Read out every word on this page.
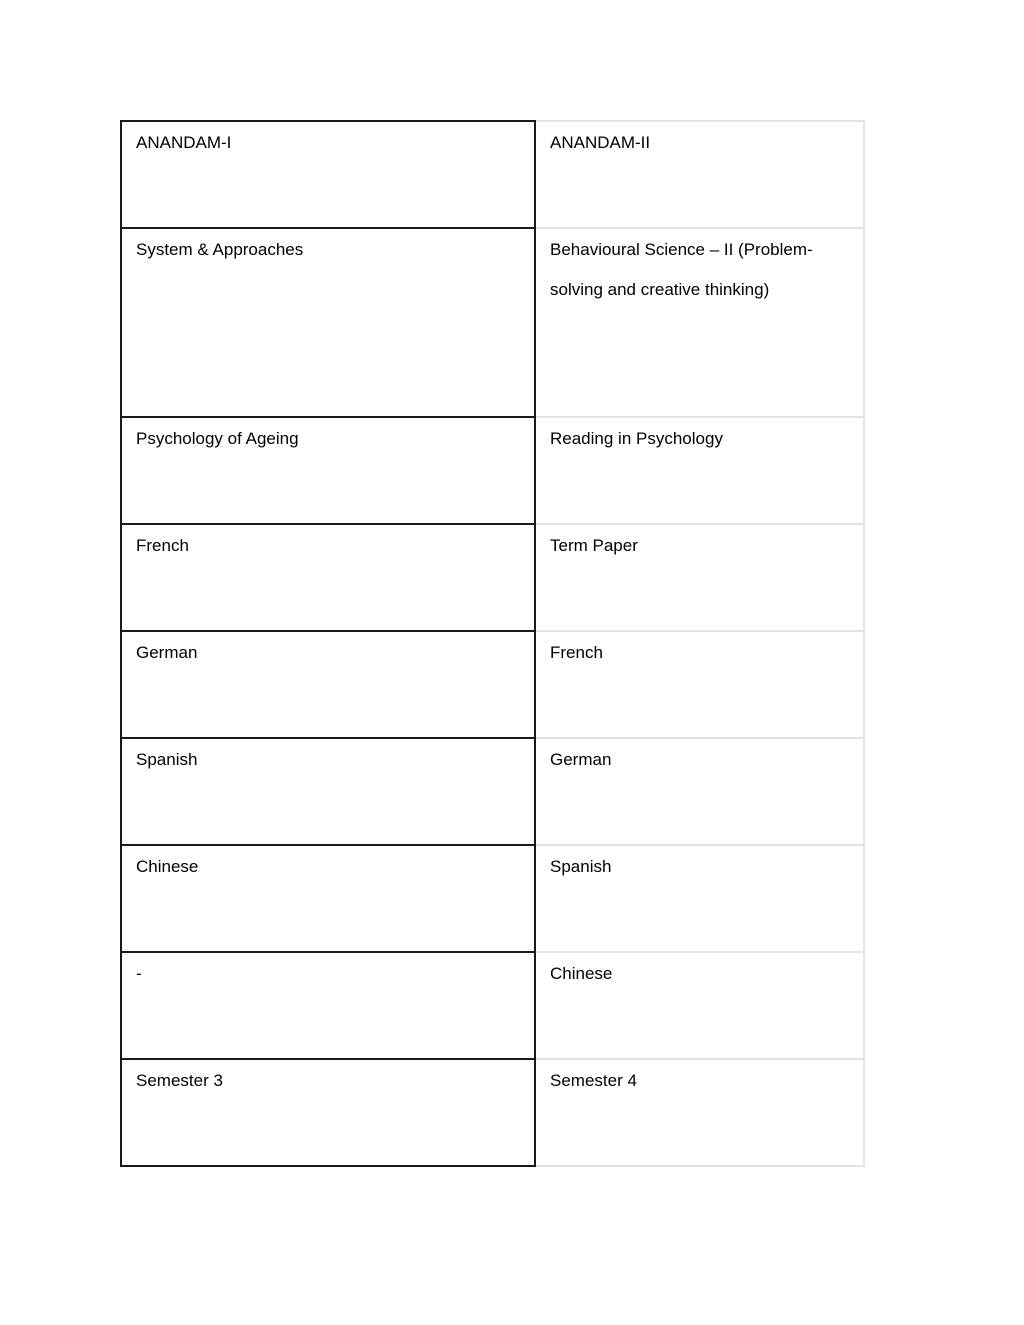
ANANDAM-I	ANANDAM-II

System & Approaches	Behavioural Science – II (Problem-solving and creative thinking)

Psychology of Ageing	Reading in Psychology

French	Term Paper

German	French

Spanish	German

Chinese	Spanish

-	Chinese

Semester 3	Semester 4
